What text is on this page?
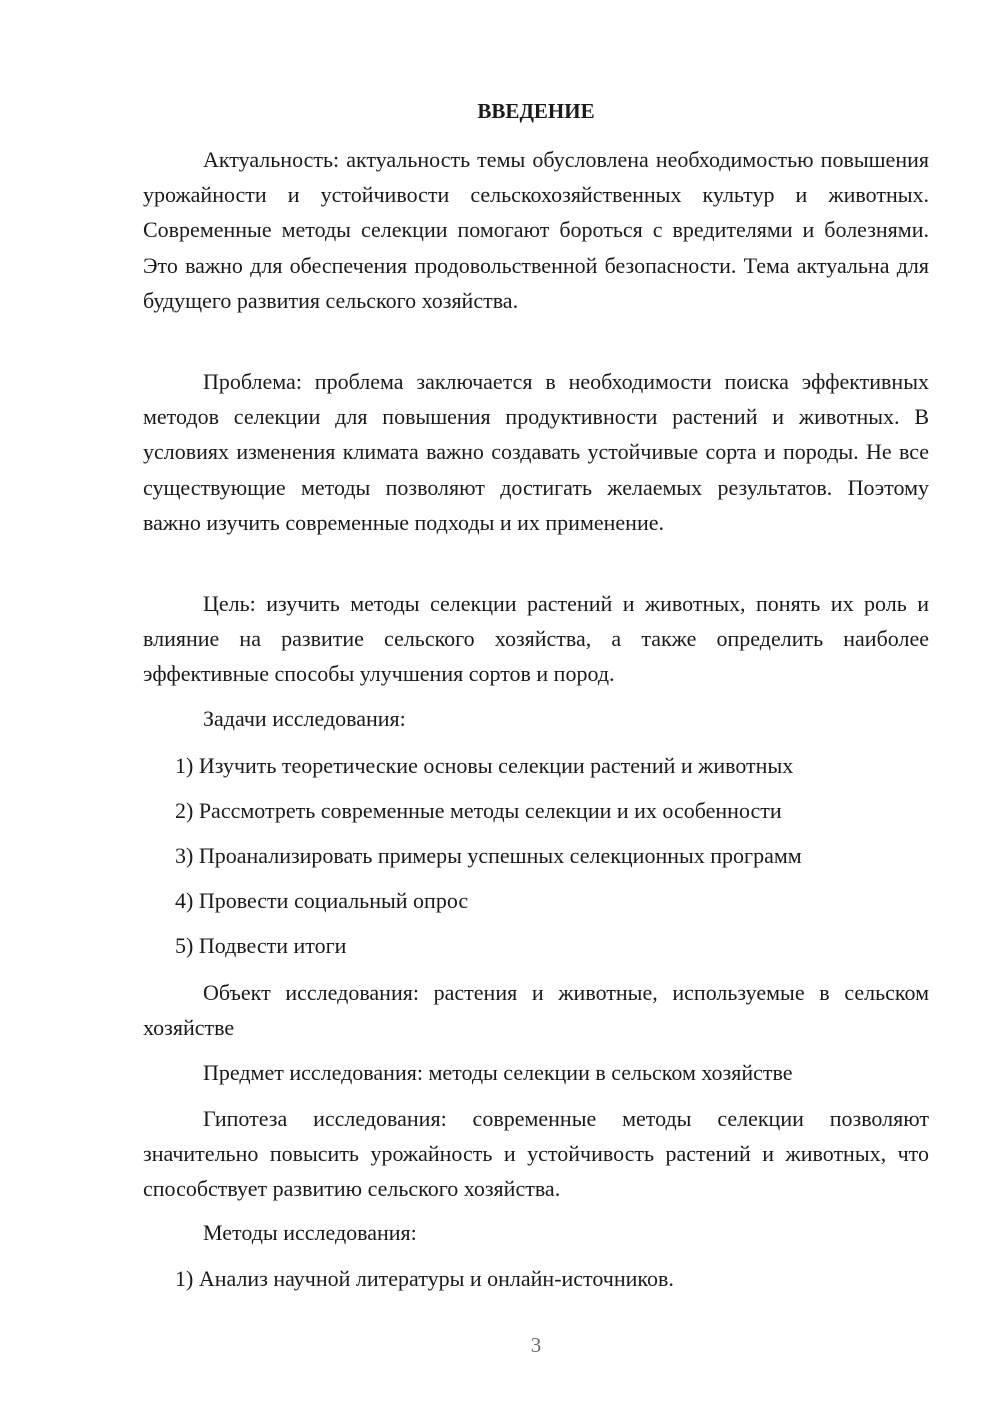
ВВЕДЕНИЕ

Актуальность: актуальность темы обусловлена необходимостью повышения урожайности и устойчивости сельскохозяйственных культур и животных. Современные методы селекции помогают бороться с вредителями и болезнями. Это важно для обеспечения продовольственной безопасности. Тема актуальна для будущего развития сельского хозяйства.

Проблема: проблема заключается в необходимости поиска эффективных методов селекции для повышения продуктивности растений и животных. В условиях изменения климата важно создавать устойчивые сорта и породы. Не все существующие методы позволяют достигать желаемых результатов. Поэтому важно изучить современные подходы и их применение.

Цель: изучить методы селекции растений и животных, понять их роль и влияние на развитие сельского хозяйства, а также определить наиболее эффективные способы улучшения сортов и пород.

Задачи исследования:

1) Изучить теоретические основы селекции растений и животных

2) Рассмотреть современные методы селекции и их особенности

3) Проанализировать примеры успешных селекционных программ

4) Провести социальный опрос

5) Подвести итоги

Объект исследования: растения и животные, используемые в сельском хозяйстве

Предмет исследования: методы селекции в сельском хозяйстве

Гипотеза исследования: современные методы селекции позволяют значительно повысить урожайность и устойчивость растений и животных, что способствует развитию сельского хозяйства.

Методы исследования:

1) Анализ научной литературы и онлайн-источников.

3
